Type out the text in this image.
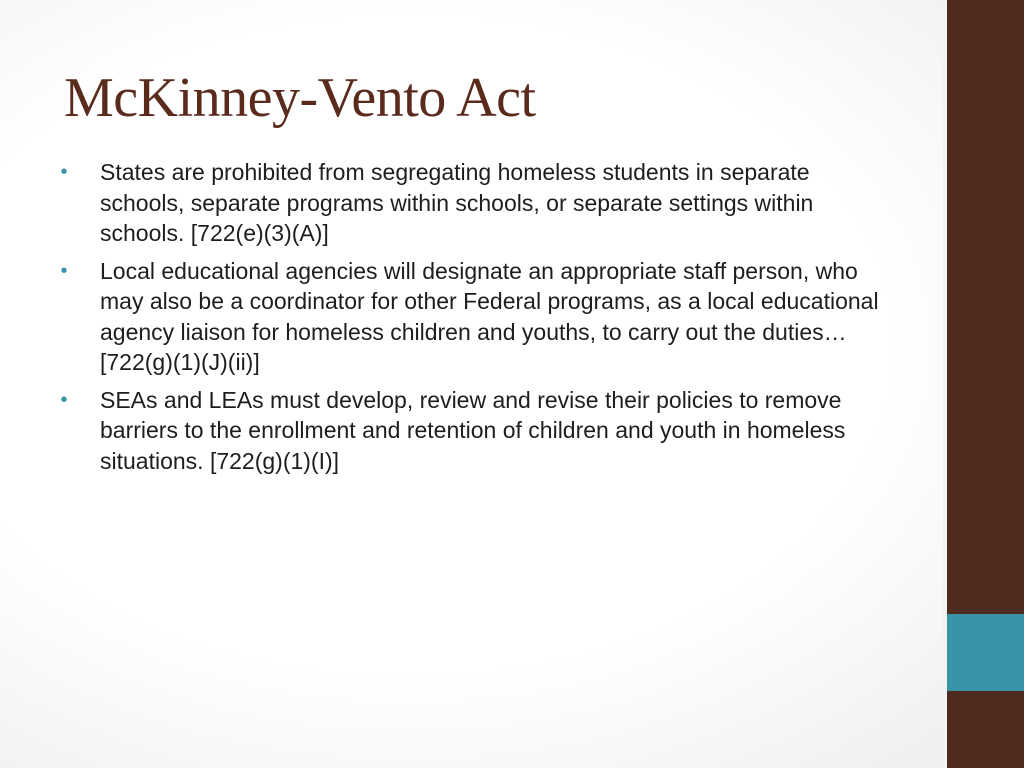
McKinney-Vento Act
• States are prohibited from segregating homeless students in separate schools, separate programs within schools, or separate settings within schools. [722(e)(3)(A)]
• Local educational agencies will designate an appropriate staff person, who may also be a coordinator for other Federal programs, as a local educational agency liaison for homeless children and youths, to carry out the duties… [722(g)(1)(J)(ii)]
• SEAs and LEAs must develop, review and revise their policies to remove barriers to the enrollment and retention of children and youth in homeless situations. [722(g)(1)(I)]
